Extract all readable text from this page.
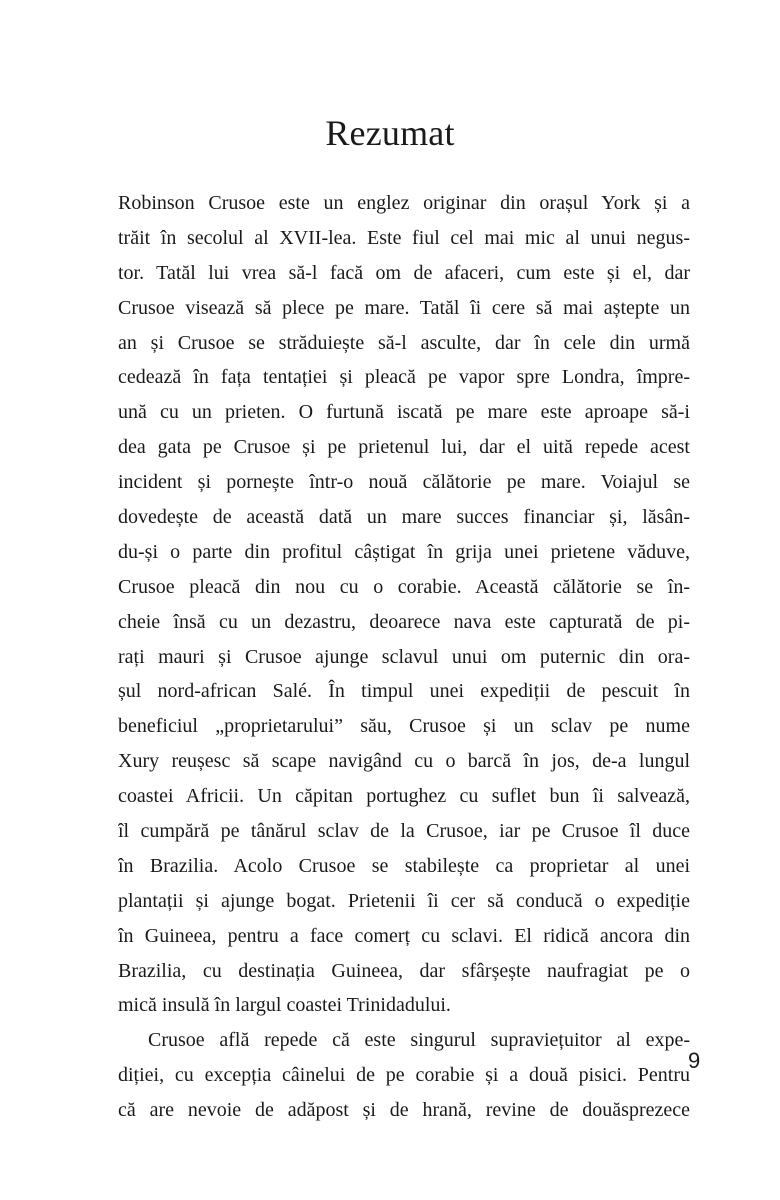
Rezumat
Robinson Crusoe este un englez originar din orașul York și a
trăit în secolul al XVII-lea. Este fiul cel mai mic al unui negus-
tor. Tatăl lui vrea să-l facă om de afaceri, cum este și el, dar
Crusoe visează să plece pe mare. Tatăl îi cere să mai aștepte un
an și Crusoe se străduiește să-l asculte, dar în cele din urmă
cedează în fața tentației și pleacă pe vapor spre Londra, împre-
ună cu un prieten. O furtună iscată pe mare este aproape să-i
dea gata pe Crusoe și pe prietenul lui, dar el uită repede acest
incident și pornește într-o nouă călătorie pe mare. Voiajul se
dovedește de această dată un mare succes financiar și, lăsân-
du-și o parte din profitul câștigat în grija unei prietene văduve,
Crusoe pleacă din nou cu o corabie. Această călătorie se în-
cheie însă cu un dezastru, deoarece nava este capturată de pi-
rați mauri și Crusoe ajunge sclavul unui om puternic din ora-
șul nord-african Salé. În timpul unei expediții de pescuit în
beneficiul „proprietarului” său, Crusoe și un sclav pe nume
Xury reușesc să scape navigând cu o barcă în jos, de-a lungul
coastei Africii. Un căpitan portughez cu suflet bun îi salvează,
îl cumpără pe tânărul sclav de la Crusoe, iar pe Crusoe îl duce
în Brazilia. Acolo Crusoe se stabilește ca proprietar al unei
plantații și ajunge bogat. Prietenii îi cer să conducă o expediție
în Guineea, pentru a face comerț cu sclavi. El ridică ancora din
Brazilia, cu destinația Guineea, dar sfârșește naufragiat pe o
mică insulă în largul coastei Trinidadului.
Crusoe află repede că este singurul supraviețuitor al expe-
diției, cu excepția câinelui de pe corabie și a două pisici. Pentru
că are nevoie de adăpost și de hrană, revine de douăsprezece
9
